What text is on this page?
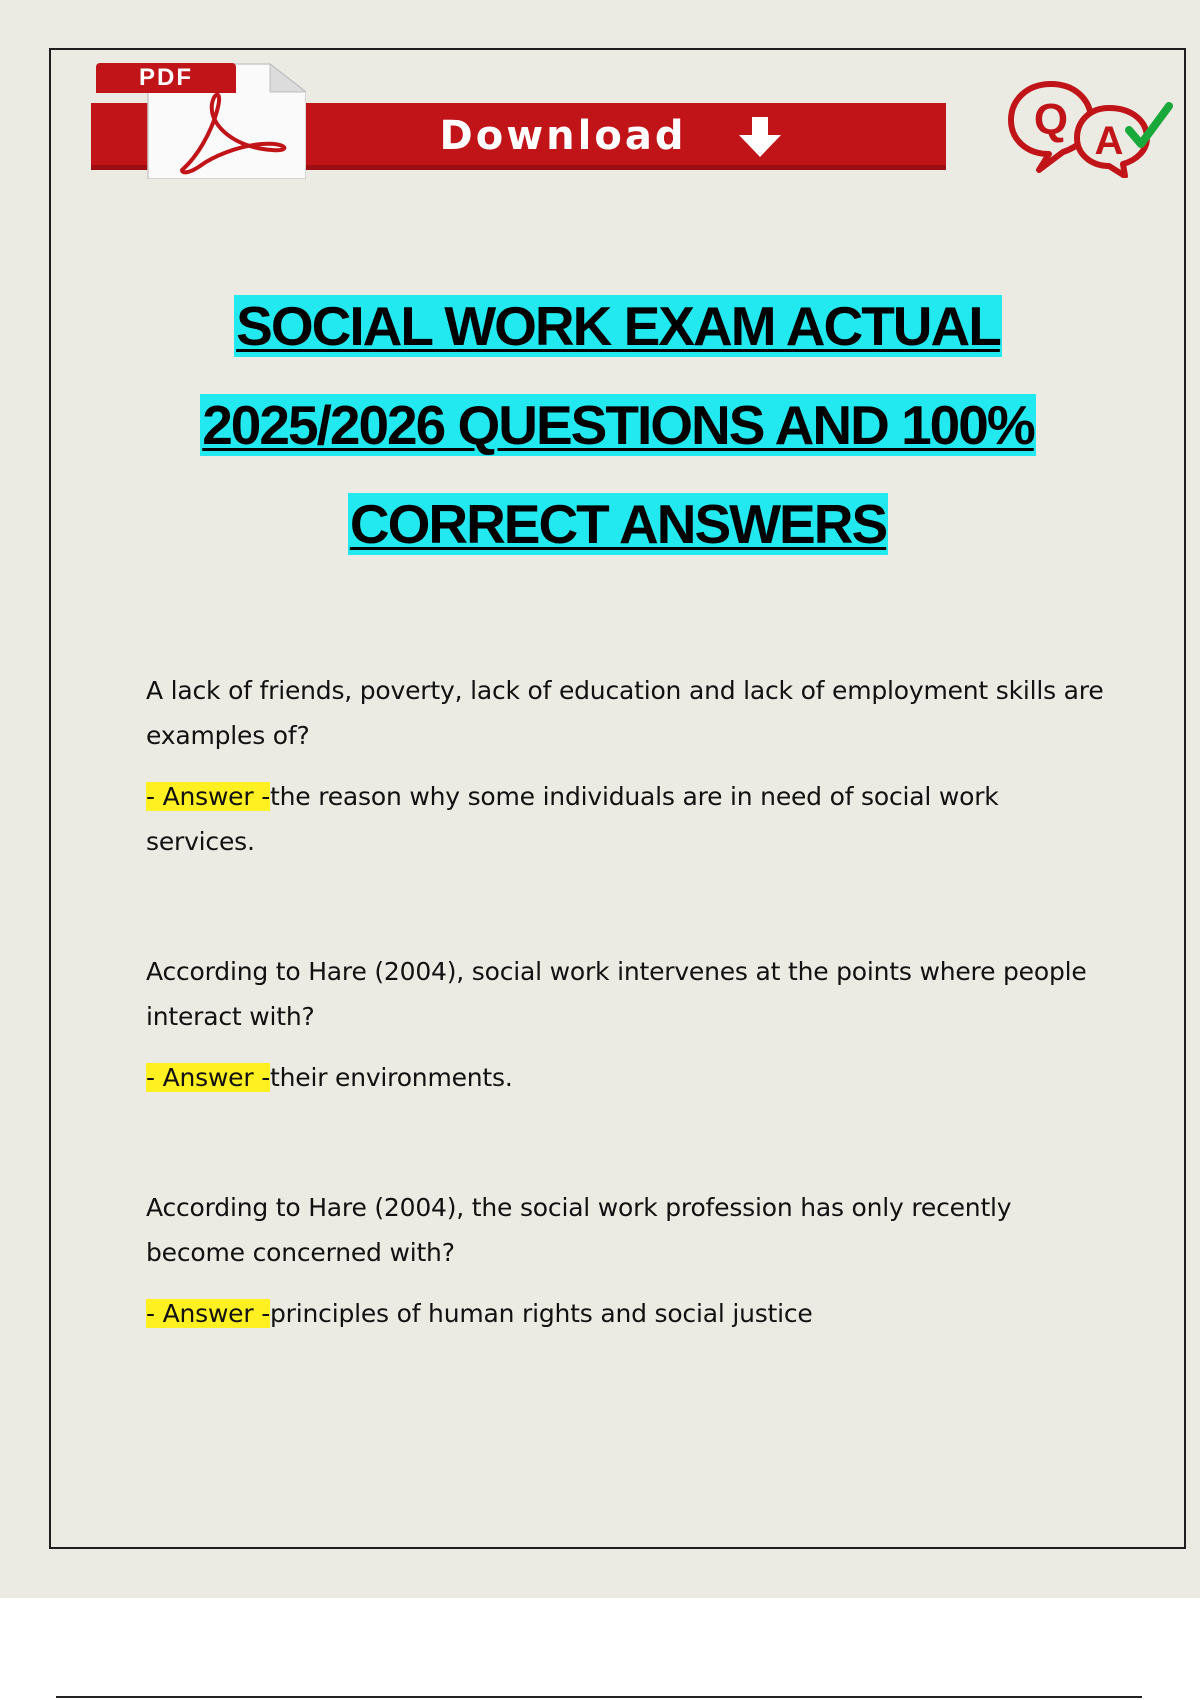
PDF
Download	Q A
SOCIAL WORK EXAM ACTUAL
2025/2026 QUESTIONS AND 100%
CORRECT ANSWERS

A lack of friends, poverty, lack of education and lack of employment skills are examples of?

- Answer -the reason why some individuals are in need of social work services.

According to Hare (2004), social work intervenes at the points where people interact with?

- Answer -their environments.

According to Hare (2004), the social work profession has only recently become concerned with?

- Answer -principles of human rights and social justice
